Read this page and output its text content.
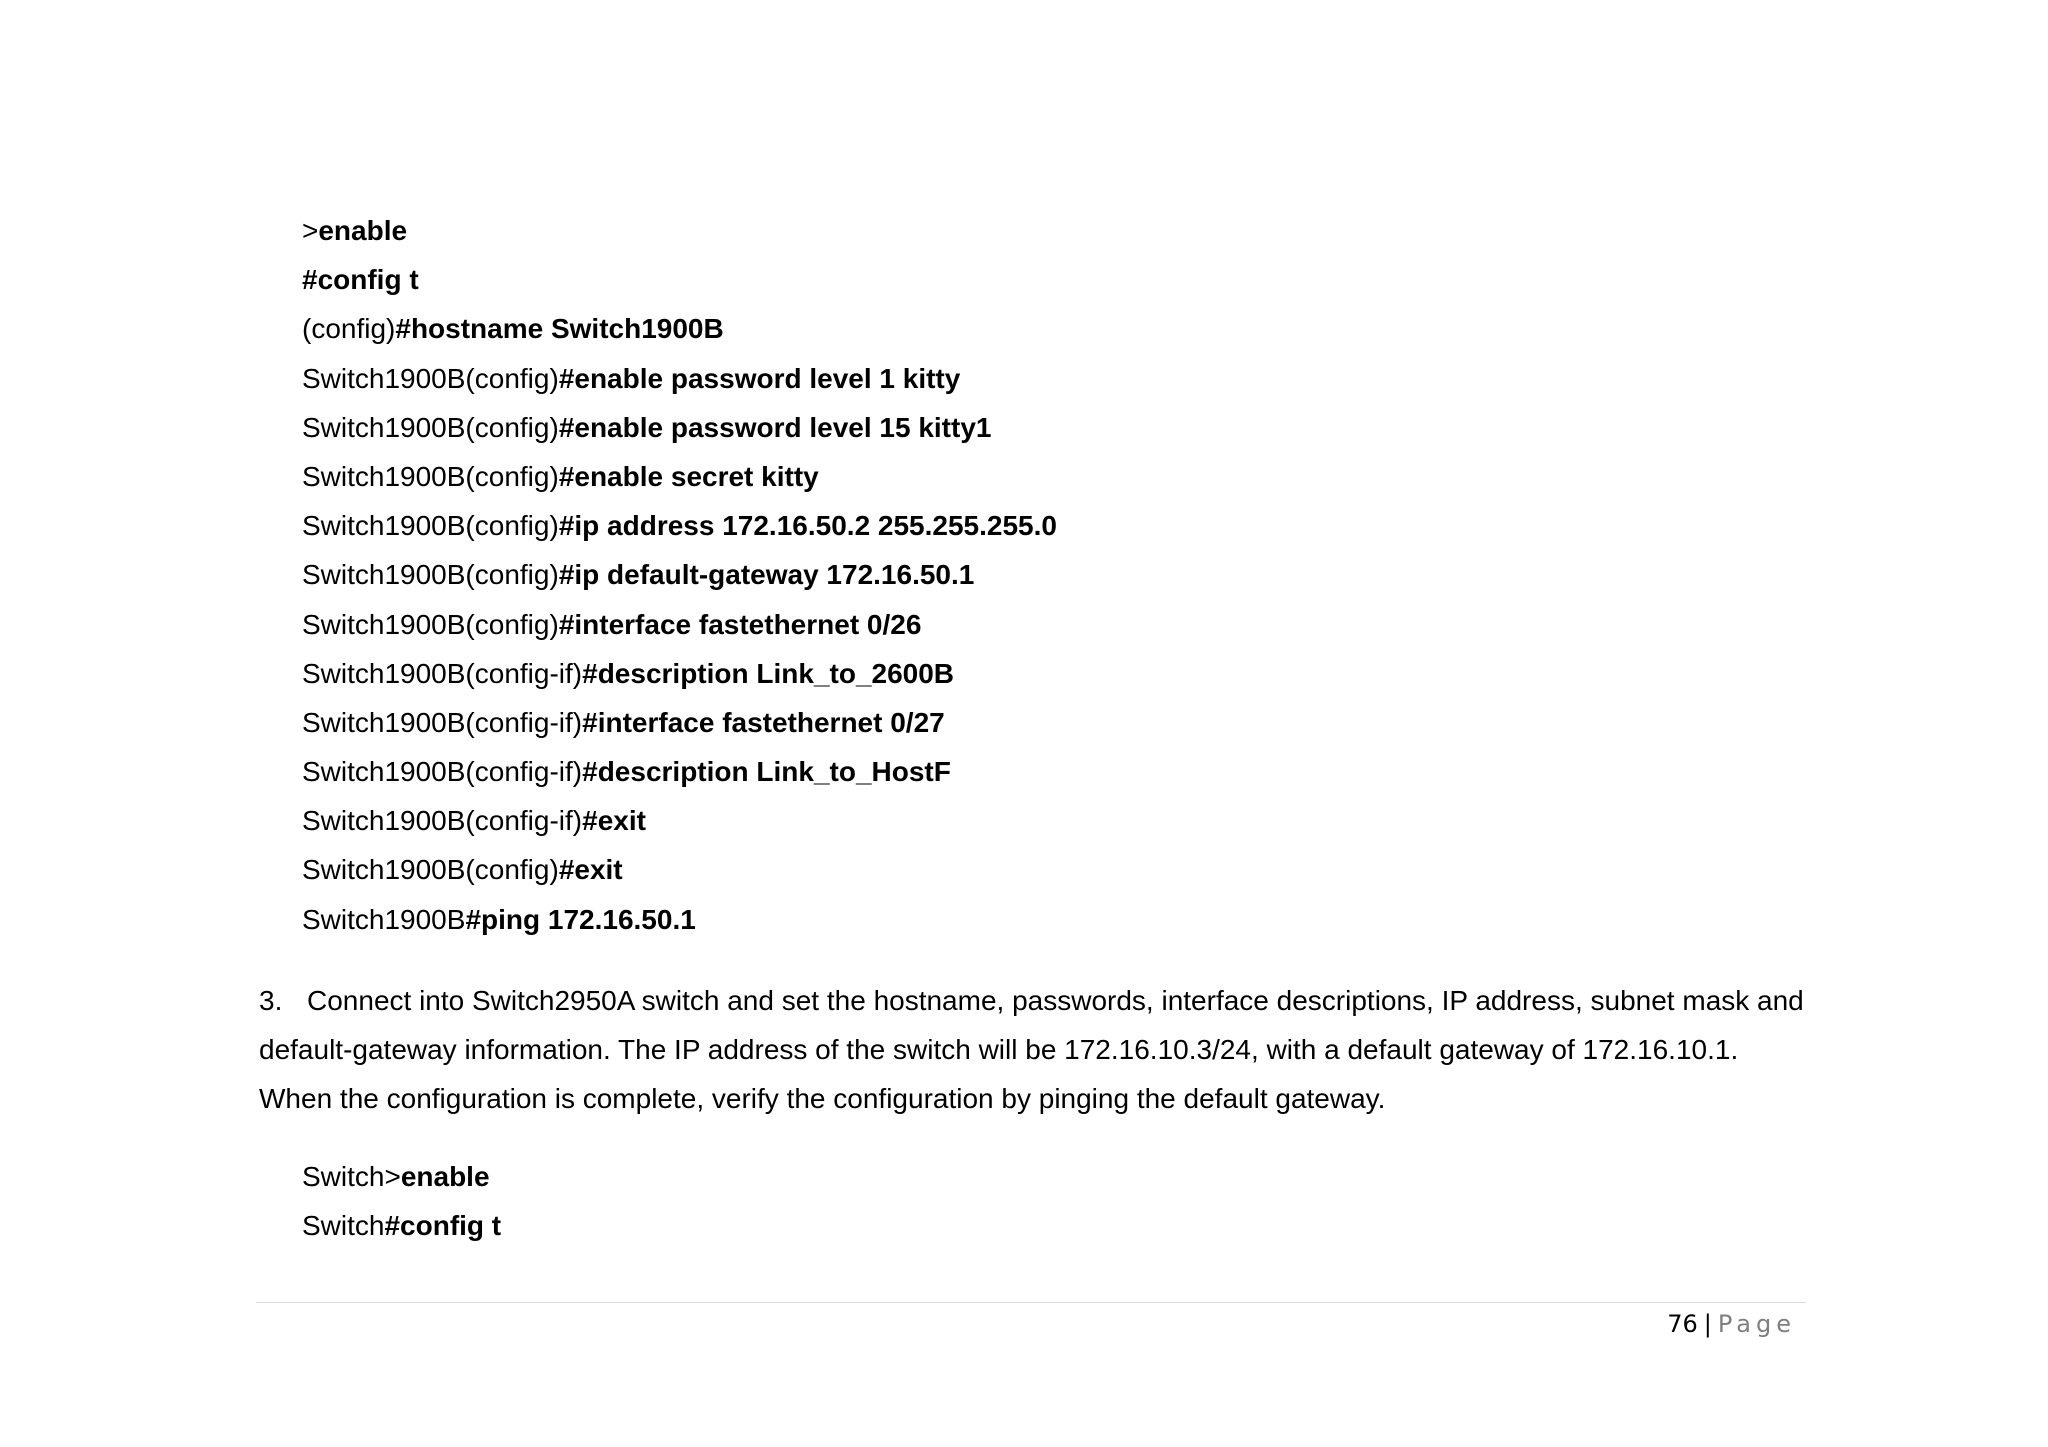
>enable
#config t
(config)#hostname Switch1900B
Switch1900B(config)#enable password level 1 kitty
Switch1900B(config)#enable password level 15 kitty1
Switch1900B(config)#enable secret kitty
Switch1900B(config)#ip address 172.16.50.2 255.255.255.0
Switch1900B(config)#ip default-gateway 172.16.50.1
Switch1900B(config)#interface fastethernet 0/26
Switch1900B(config-if)#description Link_to_2600B
Switch1900B(config-if)#interface fastethernet 0/27
Switch1900B(config-if)#description Link_to_HostF
Switch1900B(config-if)#exit
Switch1900B(config)#exit
Switch1900B#ping 172.16.50.1

3. Connect into Switch2950A switch and set the hostname, passwords, interface descriptions, IP address, subnet mask and default-gateway information. The IP address of the switch will be 172.16.10.3/24, with a default gateway of 172.16.10.1. When the configuration is complete, verify the configuration by pinging the default gateway.

Switch>enable
Switch#config t
76 | Page
